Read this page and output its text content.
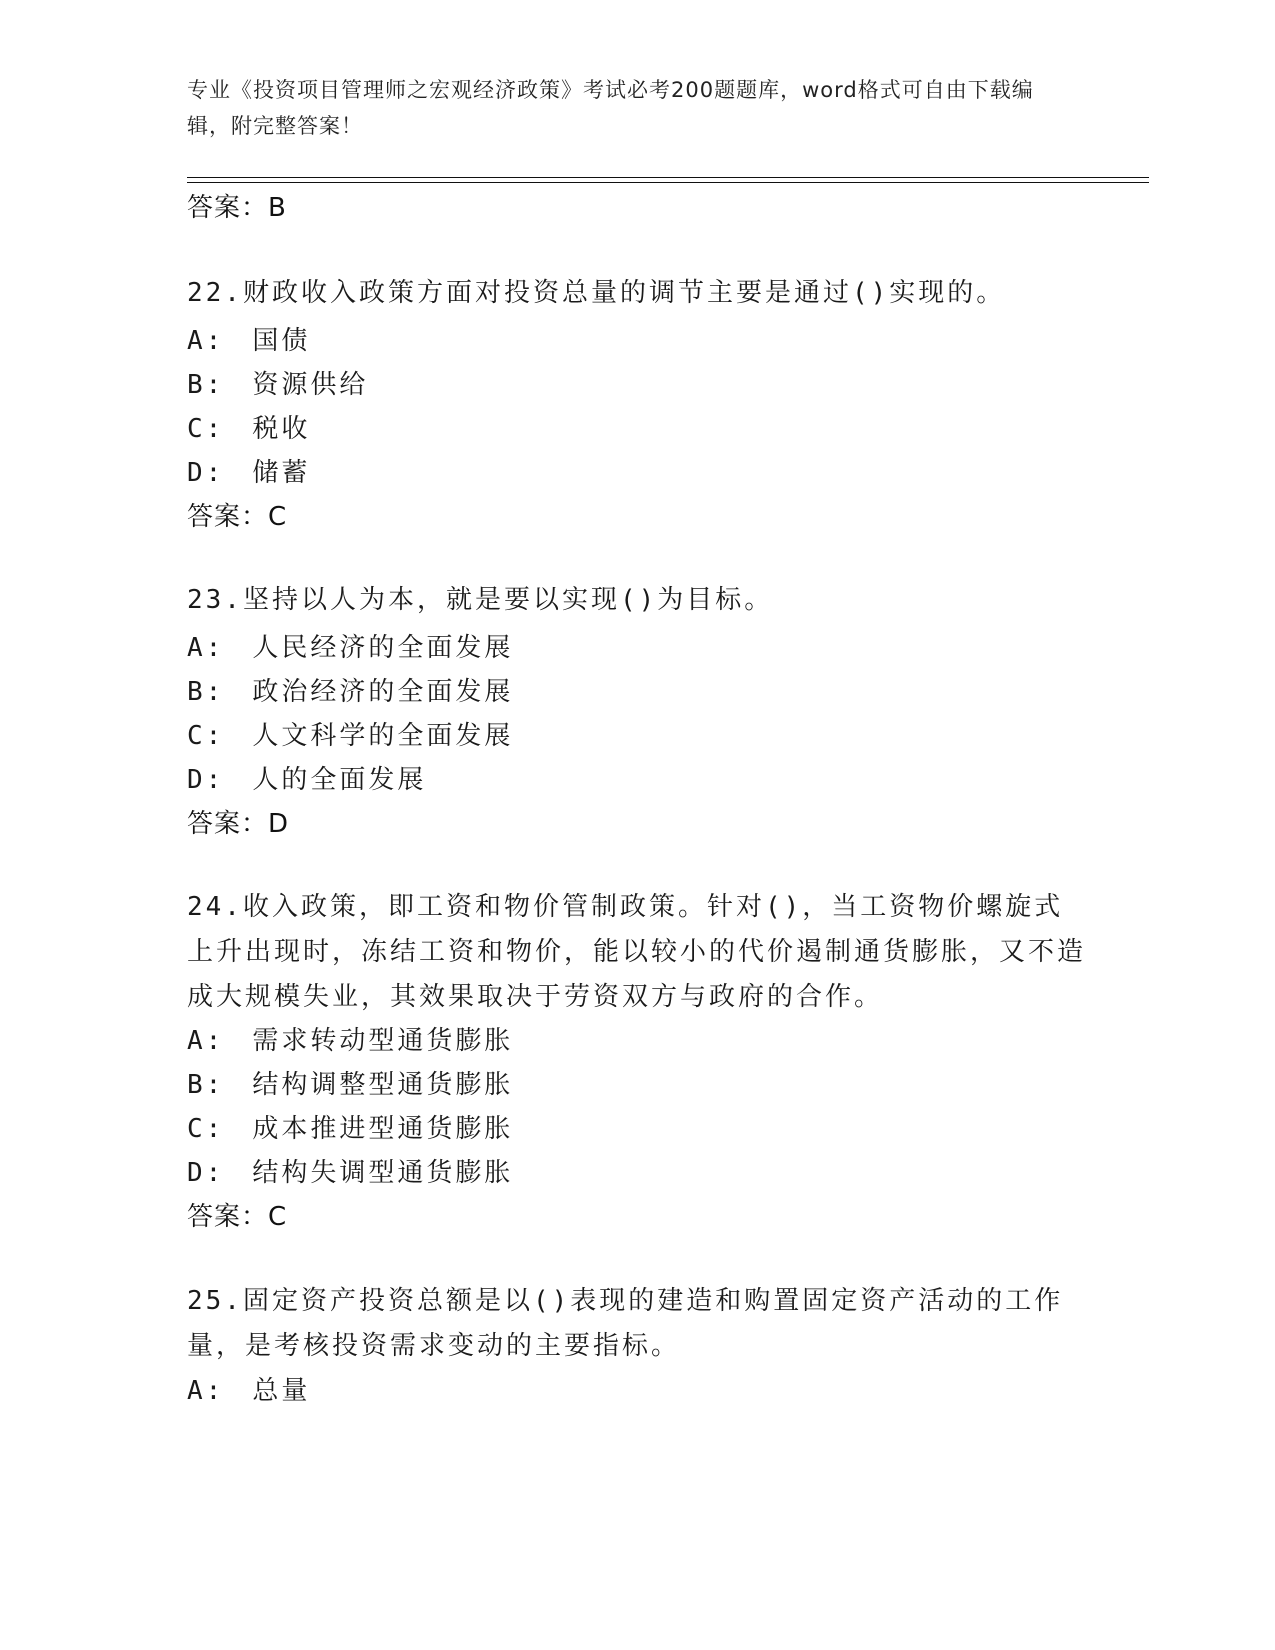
专业《投资项目管理师之宏观经济政策》考试必考200题题库，word格式可自由下载编辑，附完整答案！
答案：B
22.财政收入政策方面对投资总量的调节主要是通过()实现的。
A: 国债
B: 资源供给
C: 税收
D: 储蓄
答案：C
23.坚持以人为本，就是要以实现()为目标。
A: 人民经济的全面发展
B: 政治经济的全面发展
C: 人文科学的全面发展
D: 人的全面发展
答案：D
24.收入政策，即工资和物价管制政策。针对()，当工资物价螺旋式上升出现时，冻结工资和物价，能以较小的代价遏制通货膨胀，又不造成大规模失业，其效果取决于劳资双方与政府的合作。
A: 需求转动型通货膨胀
B: 结构调整型通货膨胀
C: 成本推进型通货膨胀
D: 结构失调型通货膨胀
答案：C
25.固定资产投资总额是以()表现的建造和购置固定资产活动的工作量，是考核投资需求变动的主要指标。
A: 总量
